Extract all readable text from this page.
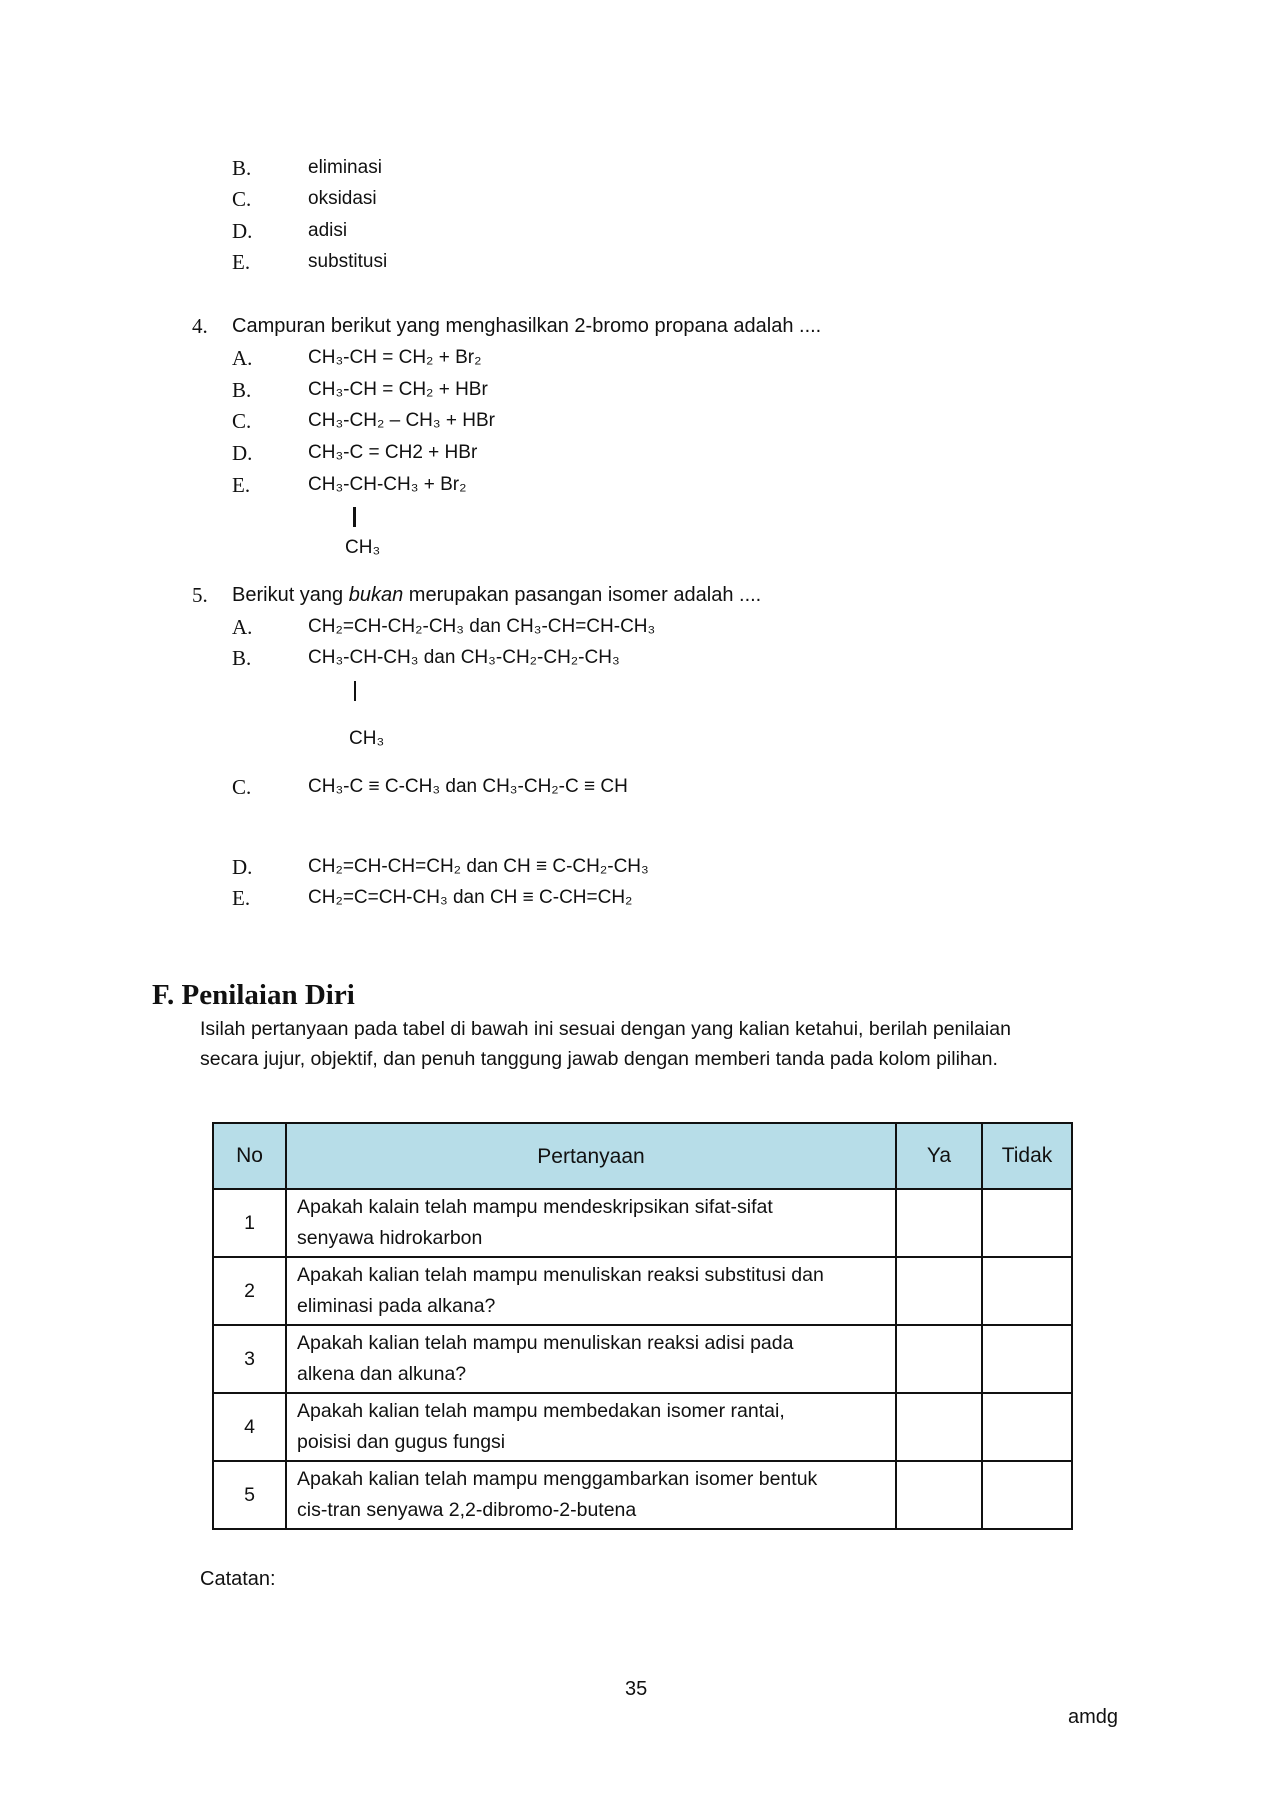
B.	eliminasi
C.	oksidasi
D.	adisi
E.	substitusi
4. Campuran berikut yang menghasilkan 2-bromo propana adalah ....
A.	CH₃-CH = CH₂ + Br₂
B.	CH₃-CH = CH₂ + HBr
C.	CH₃-CH₂ – CH₃ + HBr
D.	CH₃-C = CH2 + HBr
E.	CH₃-CH-CH₃ + Br₂
CH₃
5. Berikut yang bukan merupakan pasangan isomer adalah ....
A.	CH₂=CH-CH₂-CH₃ dan CH₃-CH=CH-CH₃
B.	CH₃-CH-CH₃ dan CH₃-CH₂-CH₂-CH₃
CH₃
C.	CH₃-C ≡ C-CH₃ dan CH₃-CH₂-C ≡ CH
D.	CH₂=CH-CH=CH₂ dan CH ≡ C-CH₂-CH₃
E.	CH₂=C=CH-CH₃ dan CH ≡ C-CH=CH₂
F. Penilaian Diri
Isilah pertanyaan pada tabel di bawah ini sesuai dengan yang kalian ketahui, berilah penilaian
secara jujur, objektif, dan penuh tanggung jawab dengan memberi tanda pada kolom pilihan.
No	Pertanyaan	Ya	Tidak
1	Apakah kalain telah mampu mendeskripsikan sifat-sifat
senyawa hidrokarbon		

2	Apakah kalian telah mampu menuliskan reaksi substitusi dan
eliminasi pada alkana?		

3	Apakah kalian telah mampu menuliskan reaksi adisi pada
alkena dan alkuna?		

4	Apakah kalian telah mampu membedakan isomer rantai,
poisisi dan gugus fungsi		

5	Apakah kalian telah mampu menggambarkan isomer bentuk
cis-tran senyawa 2,2-dibromo-2-butena		

Catatan:
35
amdg
